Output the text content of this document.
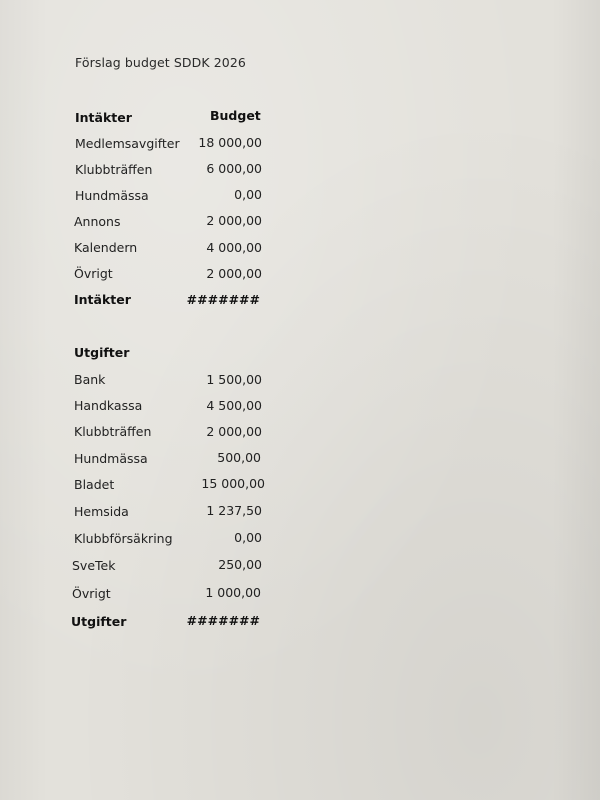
Förslag budget SDDK 2026
Intäkter	Budget
Medlemsavgifter	18 000,00
Klubbträffen	6 000,00
Hundmässa	0,00
Annons	2 000,00
Kalendern	4 000,00
Övrigt	2 000,00
Intäkter	#######
Utgifter
Bank	1 500,00
Handkassa	4 500,00
Klubbträffen	2 000,00
Hundmässa	500,00
Bladet	15 000,00
Hemsida	1 237,50
Klubbförsäkring	0,00
SveTek	250,00
Övrigt	1 000,00
Utgifter	#######
